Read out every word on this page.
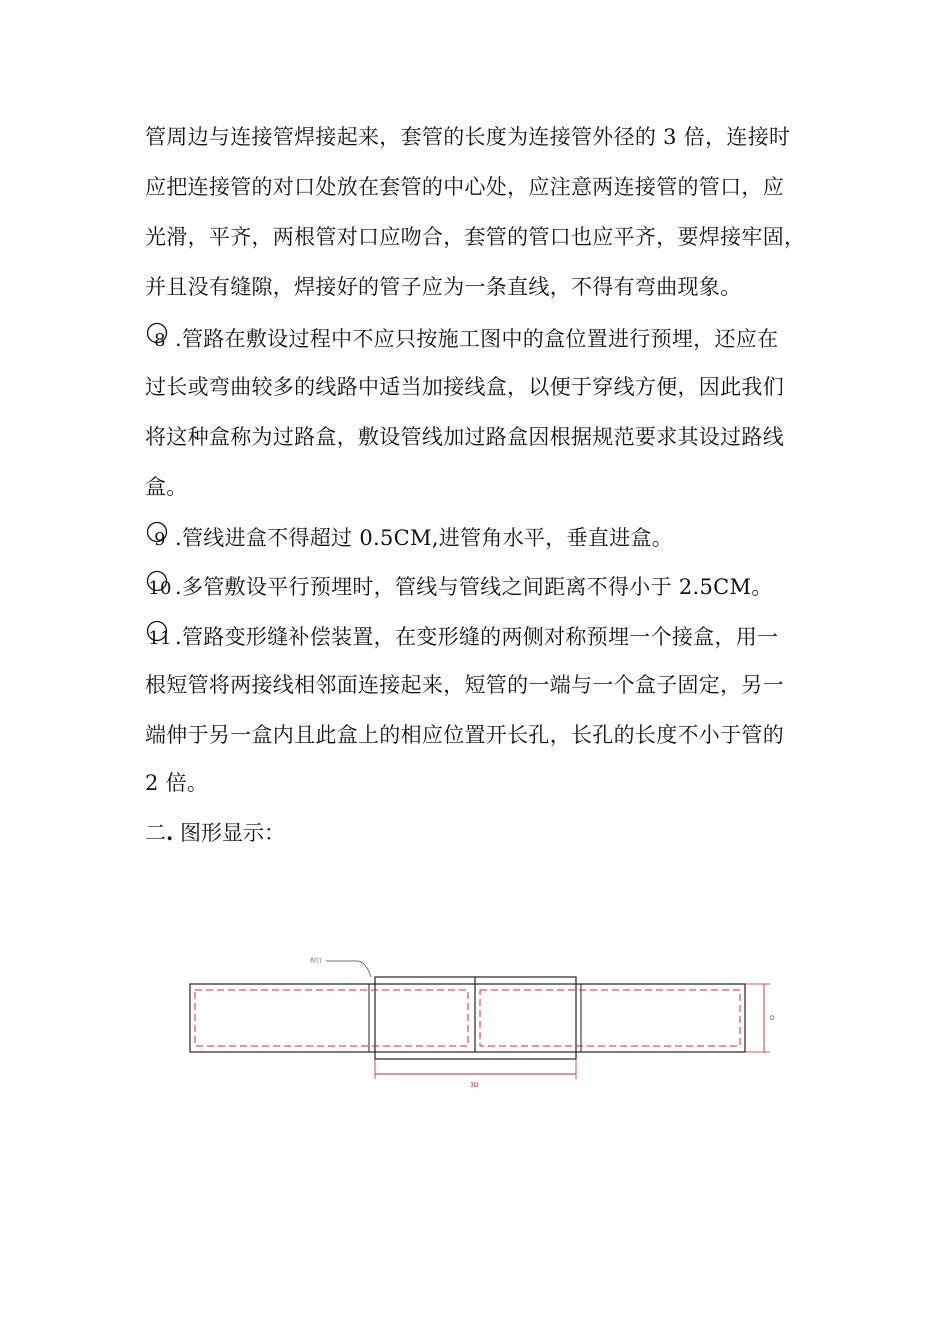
管周边与连接管焊接起来，套管的长度为连接管外径的 3 倍，连接时
应把连接管的对口处放在套管的中心处，应注意两连接管的管口，应
光滑，平齐，两根管对口应吻合，套管的管口也应平齐，要焊接牢固，
并且没有缝隙，焊接好的管子应为一条直线，不得有弯曲现象。
8 .管路在敷设过程中不应只按施工图中的盒位置进行预埋，还应在
过长或弯曲较多的线路中适当加接线盒，以便于穿线方便，因此我们
将这种盒称为过路盒，敷设管线加过路盒因根据规范要求其设过路线
盒。
9 .管线进盒不得超过 0.5CM,进管角水平，垂直进盒。
10 .多管敷设平行预埋时，管线与管线之间距离不得小于 2.5CM。
11 .管路变形缝补偿装置，在变形缝的两侧对称预埋一个接盒，用一
根短管将两接线相邻面连接起来，短管的一端与一个盒子固定，另一
端伸于另一盒内且此盒上的相应位置开长孔，长孔的长度不小于管的
2 倍。
二. 图形显示：
焊口
D
3D
